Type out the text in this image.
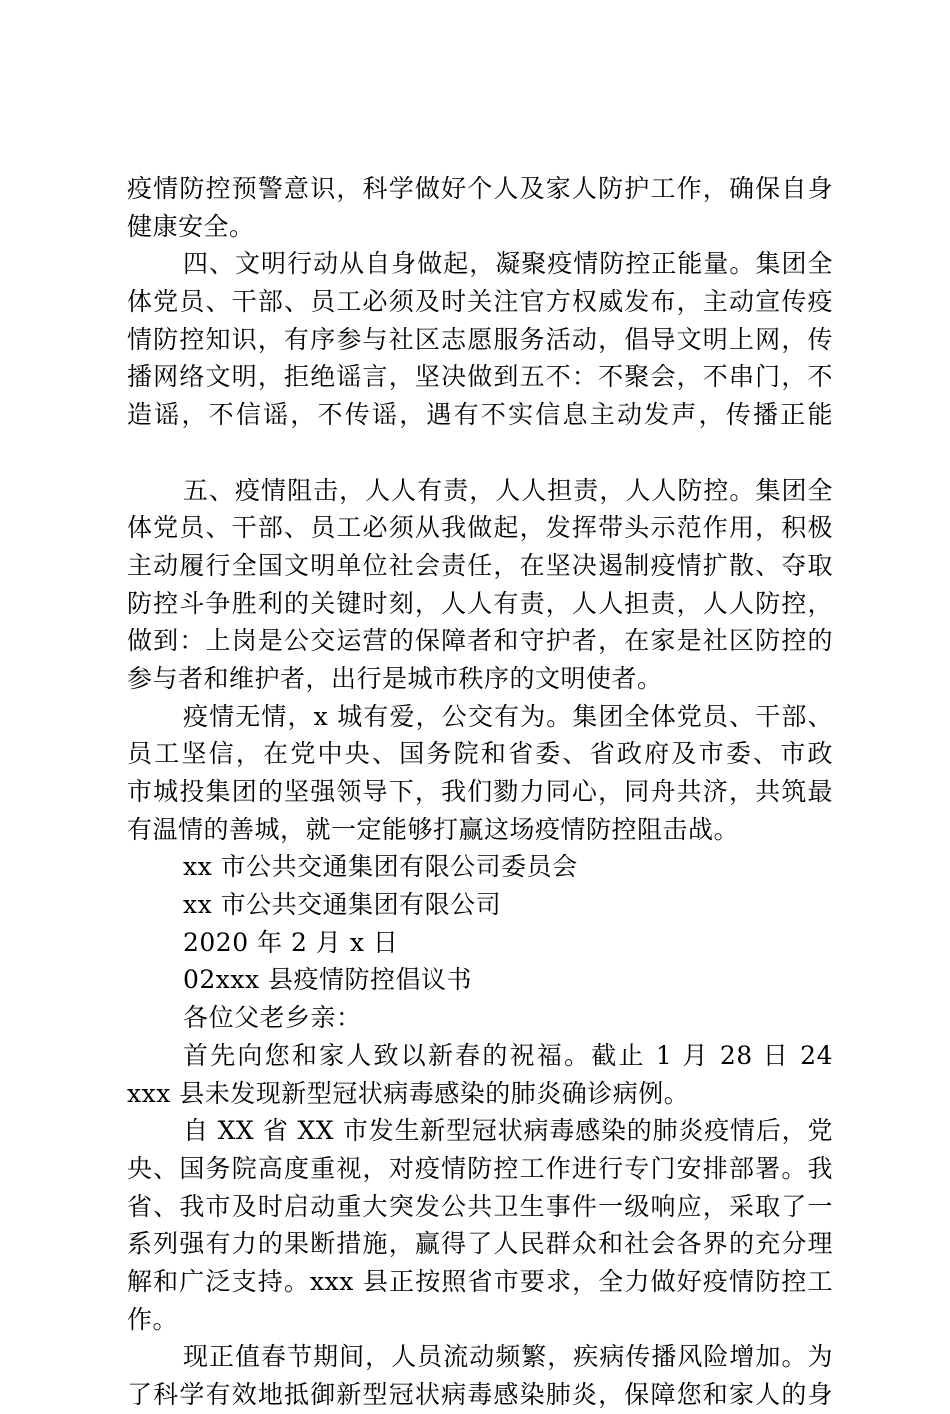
疫情防控预警意识，科学做好个人及家人防护工作，确保自身
健康安全。
四、文明行动从自身做起，凝聚疫情防控正能量。集团全
体党员、干部、员工必须及时关注官方权威发布，主动宣传疫
情防控知识，有序参与社区志愿服务活动，倡导文明上网，传
播网络文明，拒绝谣言，坚决做到五不：不聚会，不串门，不
造谣，不信谣，不传谣，遇有不实信息主动发声，传播正能
五、疫情阻击，人人有责，人人担责，人人防控。集团全
体党员、干部、员工必须从我做起，发挥带头示范作用，积极
主动履行全国文明单位社会责任，在坚决遏制疫情扩散、夺取
防控斗争胜利的关键时刻，人人有责，人人担责，人人防控，
做到：上岗是公交运营的保障者和守护者，在家是社区防控的
参与者和维护者，出行是城市秩序的文明使者。
疫情无情，x 城有爱，公交有为。集团全体党员、干部、
员工坚信，在党中央、国务院和省委、省政府及市委、市政
市城投集团的坚强领导下，我们勠力同心，同舟共济，共筑最
有温情的善城，就一定能够打赢这场疫情防控阻击战。
xx 市公共交通集团有限公司委员会
xx 市公共交通集团有限公司
2020 年 2 月 x 日
02xxx 县疫情防控倡议书
各位父老乡亲：
首先向您和家人致以新春的祝福。截止 1 月 28 日 24
xxx 县未发现新型冠状病毒感染的肺炎确诊病例。
自 XX 省 XX 市发生新型冠状病毒感染的肺炎疫情后，党
央、国务院高度重视，对疫情防控工作进行专门安排部署。我
省、我市及时启动重大突发公共卫生事件一级响应，采取了一
系列强有力的果断措施，赢得了人民群众和社会各界的充分理
解和广泛支持。xxx 县正按照省市要求，全力做好疫情防控工
作。
现正值春节期间，人员流动频繁，疾病传播风险增加。为
了科学有效地抵御新型冠状病毒感染肺炎，保障您和家人的身
